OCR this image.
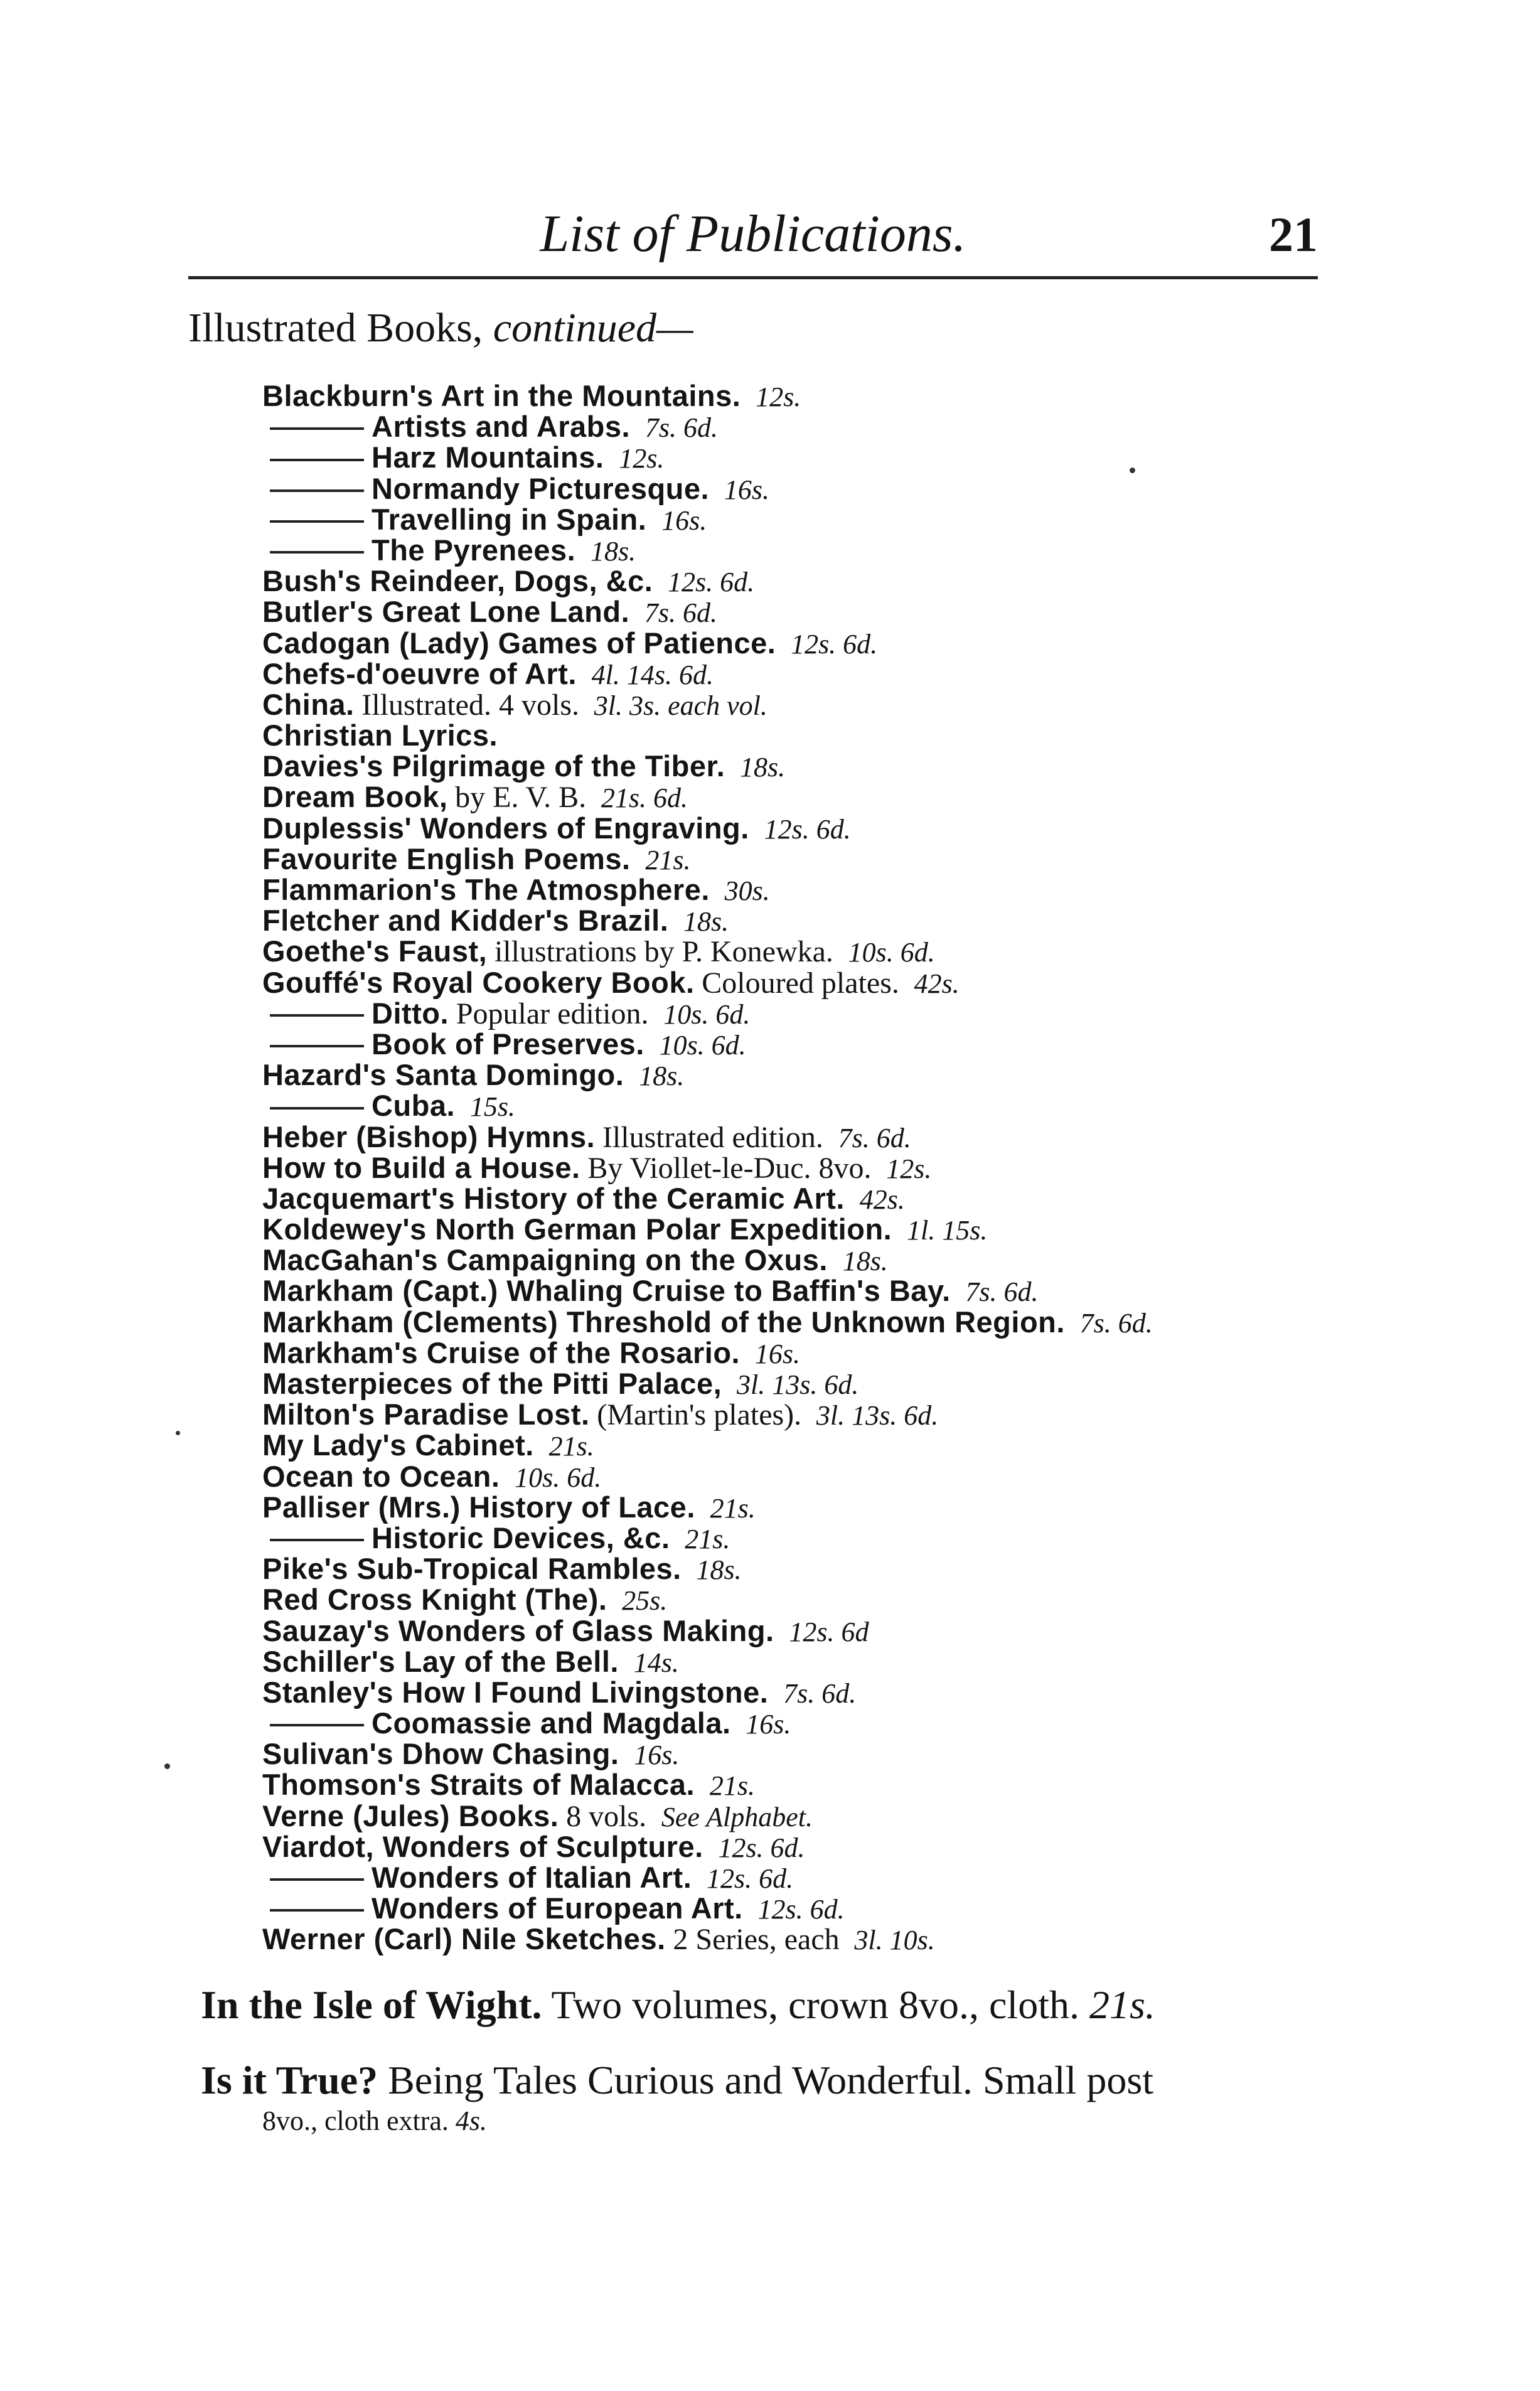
List of Publications.	21
Illustrated Books, continued—
Blackburn's Art in the Mountains. 12s.
Artists and Arabs. 7s. 6d.
Harz Mountains. 12s.
Normandy Picturesque. 16s.
Travelling in Spain. 16s.
The Pyrenees. 18s.
Bush's Reindeer, Dogs, &c. 12s. 6d.
Butler's Great Lone Land. 7s. 6d.
Cadogan (Lady) Games of Patience. 12s. 6d.
Chefs-d'oeuvre of Art. 4l. 14s. 6d.
China. Illustrated. 4 vols. 3l. 3s. each vol.
Christian Lyrics.
Davies's Pilgrimage of the Tiber. 18s.
Dream Book, by E. V. B. 21s. 6d.
Duplessis' Wonders of Engraving. 12s. 6d.
Favourite English Poems. 21s.
Flammarion's The Atmosphere. 30s.
Fletcher and Kidder's Brazil. 18s.
Goethe's Faust, illustrations by P. Konewka. 10s. 6d.
Gouffé's Royal Cookery Book. Coloured plates. 42s.
Ditto. Popular edition. 10s. 6d.
Book of Preserves. 10s. 6d.
Hazard's Santa Domingo. 18s.
Cuba. 15s.
Heber (Bishop) Hymns. Illustrated edition. 7s. 6d.
How to Build a House. By Viollet-le-Duc. 8vo. 12s.
Jacquemart's History of the Ceramic Art. 42s.
Koldewey's North German Polar Expedition. 1l. 15s.
MacGahan's Campaigning on the Oxus. 18s.
Markham (Capt.) Whaling Cruise to Baffin's Bay. 7s. 6d.
Markham (Clements) Threshold of the Unknown Region. 7s. 6d.
Markham's Cruise of the Rosario. 16s.
Masterpieces of the Pitti Palace, 3l. 13s. 6d.
Milton's Paradise Lost. (Martin's plates). 3l. 13s. 6d.
My Lady's Cabinet. 21s.
Ocean to Ocean. 10s. 6d.
Palliser (Mrs.) History of Lace. 21s.
Historic Devices, &c. 21s.
Pike's Sub-Tropical Rambles. 18s.
Red Cross Knight (The). 25s.
Sauzay's Wonders of Glass Making. 12s. 6d
Schiller's Lay of the Bell. 14s.
Stanley's How I Found Livingstone. 7s. 6d.
Coomassie and Magdala. 16s.
Sulivan's Dhow Chasing. 16s.
Thomson's Straits of Malacca. 21s.
Verne (Jules) Books. 8 vols. See Alphabet.
Viardot, Wonders of Sculpture. 12s. 6d.
Wonders of Italian Art. 12s. 6d.
Wonders of European Art. 12s. 6d.
Werner (Carl) Nile Sketches. 2 Series, each 3l. 10s.
In the Isle of Wight. Two volumes, crown 8vo., cloth. 21s.
Is it True? Being Tales Curious and Wonderful. Small post
8vo., cloth extra. 4s.
